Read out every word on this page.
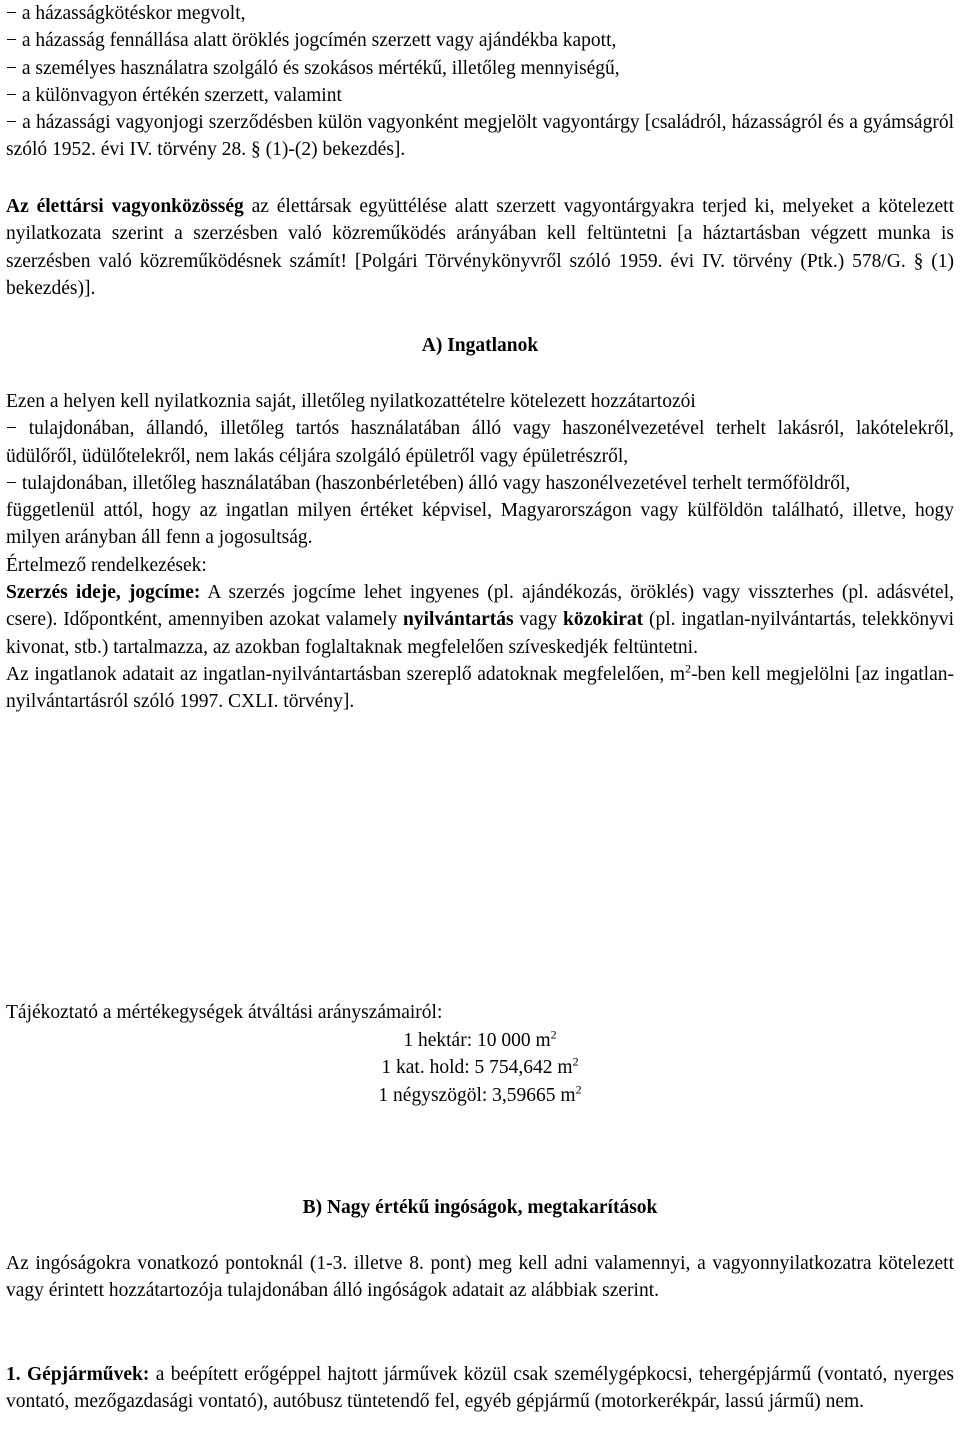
− a házasságkötéskor megvolt,

− a házasság fennállása alatt öröklés jogcímén szerzett vagy ajándékba kapott,

− a személyes használatra szolgáló és szokásos mértékű, illetőleg mennyiségű,

− a különvagyon értékén szerzett, valamint

− a házassági vagyonjogi szerződésben külön vagyonként megjelölt vagyontárgy [családról, házasságról és a gyámságról szóló 1952. évi IV. törvény 28. § (1)-(2) bekezdés].

Az élettársi vagyonközösség az élettársak együttélése alatt szerzett vagyontárgyakra terjed ki, melyeket a kötelezett nyilatkozata szerint a szerzésben való közreműködés arányában kell feltüntetni [a háztartásban végzett munka is szerzésben való közreműködésnek számít! [Polgári Törvénykönyvről szóló 1959. évi IV. törvény (Ptk.) 578/G. § (1) bekezdés)].

A) Ingatlanok

Ezen a helyen kell nyilatkoznia saját, illetőleg nyilatkozattételre kötelezett hozzátartozói

− tulajdonában, állandó, illetőleg tartós használatában álló vagy haszonélvezetével terhelt lakásról, lakótelekről, üdülőről, üdülőtelekről, nem lakás céljára szolgáló épületről vagy épületrészről,

− tulajdonában, illetőleg használatában (haszonbérletében) álló vagy haszonélvezetével terhelt termőföldről,

függetlenül attól, hogy az ingatlan milyen értéket képvisel, Magyarországon vagy külföldön található, illetve, hogy milyen arányban áll fenn a jogosultság.

Értelmező rendelkezések:

Szerzés ideje, jogcíme: A szerzés jogcíme lehet ingyenes (pl. ajándékozás, öröklés) vagy visszterhes (pl. adásvétel, csere). Időpontként, amennyiben azokat valamely nyilvántartás vagy közokirat (pl. ingatlan-nyilvántartás, telekkönyvi kivonat, stb.) tartalmazza, az azokban foglaltaknak megfelelően szíveskedjék feltüntetni.

Az ingatlanok adatait az ingatlan-nyilvántartásban szereplő adatoknak megfelelően, $m^2$-ben kell megjelölni [az ingatlan-nyilvántartásról szóló 1997. CXLI. törvény].

Tájékoztató a mértékegységek átváltási arányszámairól:

1 hektár: 10 000 $m^2$

1 kat. hold: 5 754,642 $m^2$

1 négyszögöl: 3,59665 $m^2$

B) Nagy értékű ingóságok, megtakarítások

Az ingóságokra vonatkozó pontoknál (1-3. illetve 8. pont) meg kell adni valamennyi, a vagyonnyilatkozatra kötelezett vagy érintett hozzátartozója tulajdonában álló ingóságok adatait az alábbiak szerint.

1. Gépjárművek: a beépített erőgéppel hajtott járművek közül csak személygépkocsi, tehergépjármű (vontató, nyerges vontató, mezőgazdasági vontató), autóbusz tüntetendő fel, egyéb gépjármű (motorkerékpár, lassú jármű) nem.
